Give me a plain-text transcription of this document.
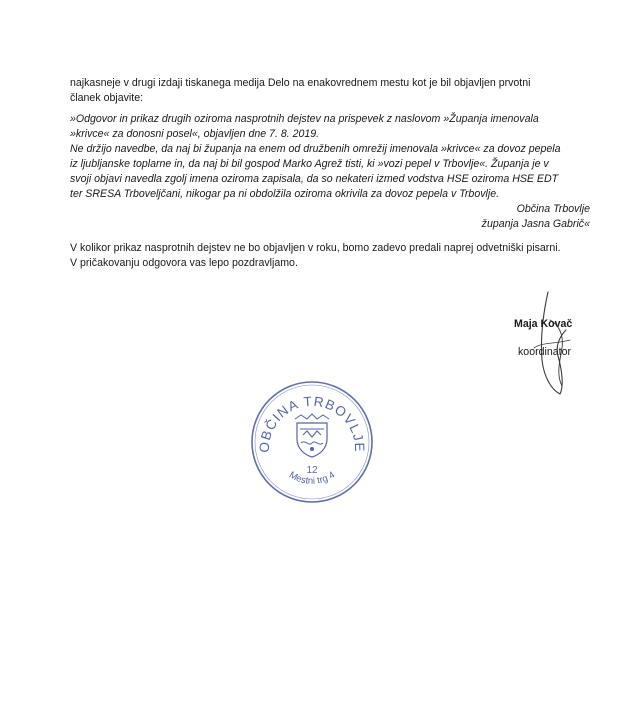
najkasneje v drugi izdaji tiskanega medija Delo na enakovrednem mestu kot je bil objavljen prvotni
članek objavite:
»Odgovor in prikaz drugih oziroma nasprotnih dejstev na prispevek z naslovom »Županja imenovala
»krivce« za donosni posel«, objavljen dne 7. 8. 2019.
Ne držijo navedbe, da naj bi županja na enem od družbenih omrežij imenovala »krivce« za dovoz pepela
iz ljubljanske toplarne in, da naj bi bil gospod Marko Agrež tisti, ki »vozi pepel v Trbovlje«. Županja je v
svoji objavi navedla zgolj imena oziroma zapisala, da so nekateri izmed vodstva HSE oziroma HSE EDT
ter SRESA Trboveljčani, nikogar pa ni obdolžila oziroma okrivila za dovoz pepela v Trbovlje.
Občina Trbovlje
županja Jasna Gabrič«
V kolikor prikaz nasprotnih dejstev ne bo objavljen v roku, bomo zadevo predali naprej odvetniški pisarni.
V pričakovanju odgovora vas lepo pozdravljamo.
Maja Kovač
koordinator
OBČINA TRBOVLJE
Mestni trg 4
12
